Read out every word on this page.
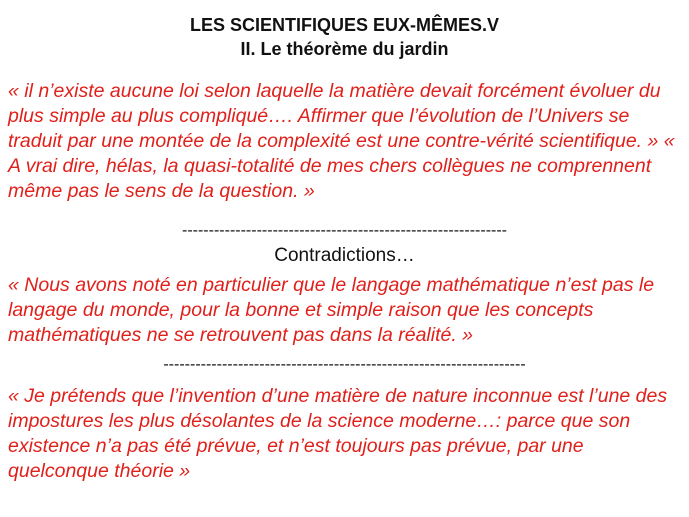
LES SCIENTIFIQUES EUX-MÊMES.V
II. Le théorème du jardin

« il n’existe aucune loi selon laquelle la matière devait forcément évoluer du plus simple au plus compliqué…. Affirmer que l’évolution de l’Univers se traduit par une montée de la complexité est une contre-vérité scientifique. » « A vrai dire, hélas, la quasi-totalité de mes chers collègues ne comprennent même pas le sens de la question. »

-------------------------------------------------------------
Contradictions…

« Nous avons noté en particulier que le langage mathématique n’est pas le langage du monde, pour la bonne et simple raison que les concepts mathématiques ne se retrouvent pas dans la réalité. »

--------------------------------------------------------------------

« Je prétends que l’invention d’une matière de nature inconnue est l’une des impostures les plus désolantes de la science moderne…: parce que son existence n’a pas été prévue, et n’est toujours pas prévue, par une quelconque théorie »
